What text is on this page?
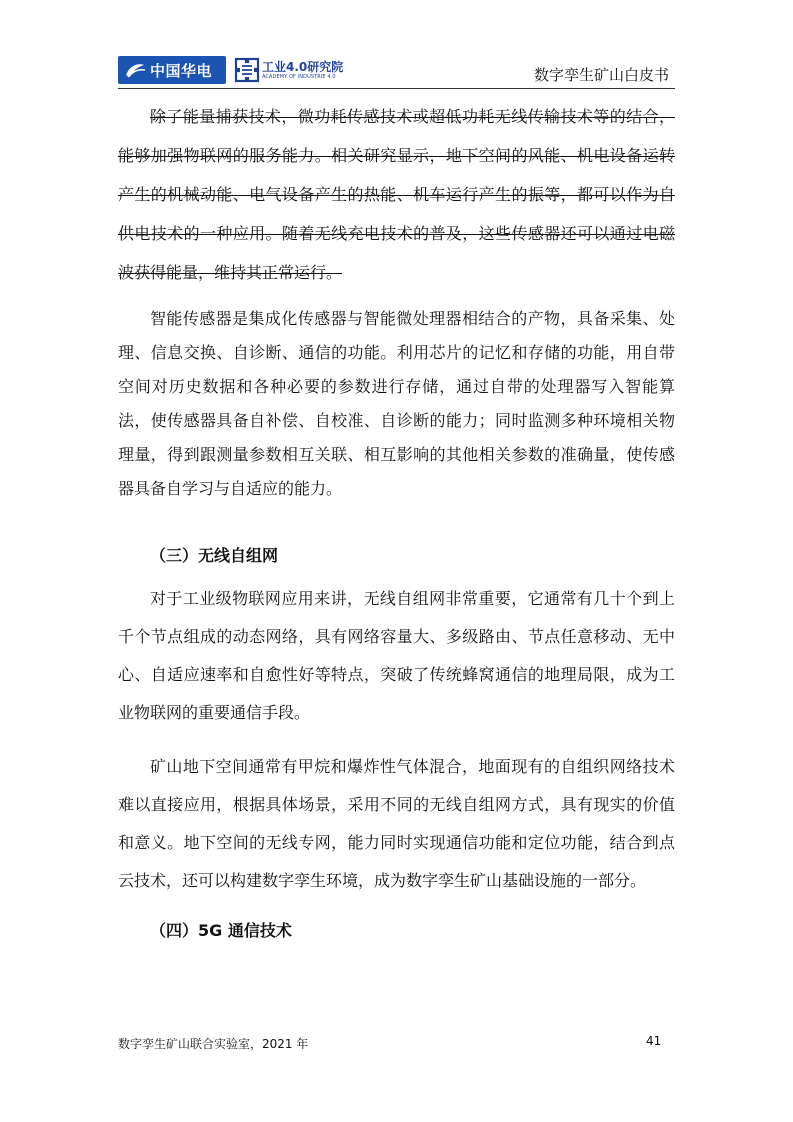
中国华电	工业4.0研究院
ACADEMY OF INDUSTRIE 4.0	数字孪生矿山白皮书

除了能量捕获技术，微功耗传感技术或超低功耗无线传输技术等的结合，能够加强物联网的服务能力。相关研究显示，地下空间的风能、机电设备运转产生的机械动能、电气设备产生的热能、机车运行产生的振等，都可以作为自供电技术的一种应用。随着无线充电技术的普及，这些传感器还可以通过电磁波获得能量，维持其正常运行。

智能传感器是集成化传感器与智能微处理器相结合的产物，具备采集、处理、信息交换、自诊断、通信的功能。利用芯片的记忆和存储的功能，用自带空间对历史数据和各种必要的参数进行存储，通过自带的处理器写入智能算法，使传感器具备自补偿、自校准、自诊断的能力；同时监测多种环境相关物理量，得到跟测量参数相互关联、相互影响的其他相关参数的准确量，使传感器具备自学习与自适应的能力。

（三）无线自组网

对于工业级物联网应用来讲，无线自组网非常重要，它通常有几十个到上千个节点组成的动态网络，具有网络容量大、多级路由、节点任意移动、无中心、自适应速率和自愈性好等特点，突破了传统蜂窝通信的地理局限，成为工业物联网的重要通信手段。

矿山地下空间通常有甲烷和爆炸性气体混合，地面现有的自组织网络技术难以直接应用，根据具体场景，采用不同的无线自组网方式，具有现实的价值和意义。地下空间的无线专网，能力同时实现通信功能和定位功能，结合到点云技术，还可以构建数字孪生环境，成为数字孪生矿山基础设施的一部分。

（四）5G 通信技术
数字孪生矿山联合实验室，2021 年	41
